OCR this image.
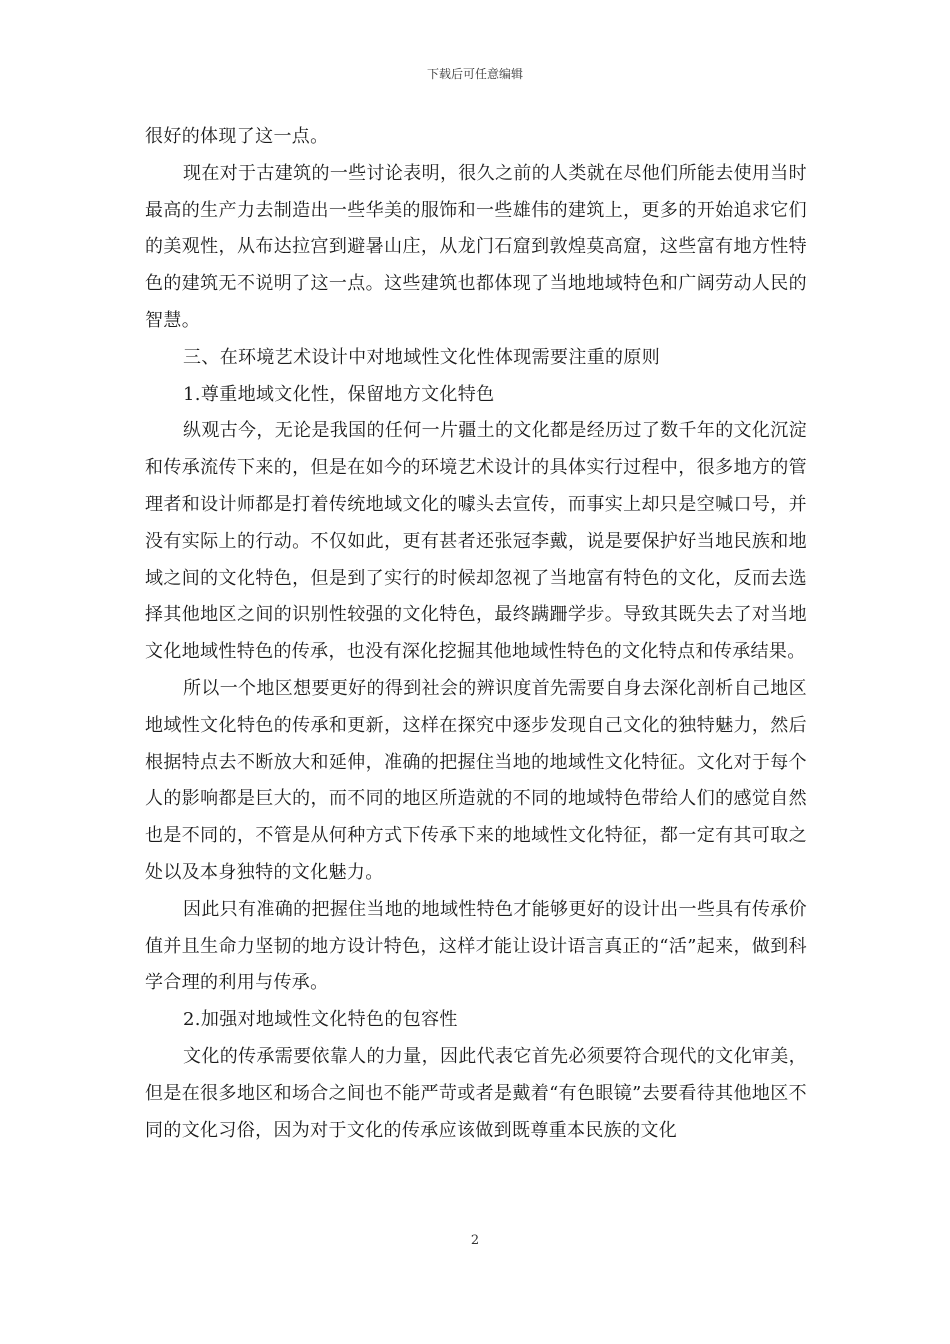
下载后可任意编辑

很好的体现了这一点。

现在对于古建筑的一些讨论表明，很久之前的人类就在尽他们所能去使用当时最高的生产力去制造出一些华美的服饰和一些雄伟的建筑上，更多的开始追求它们的美观性，从布达拉宫到避暑山庄，从龙门石窟到敦煌莫高窟，这些富有地方性特色的建筑无不说明了这一点。这些建筑也都体现了当地地域特色和广阔劳动人民的智慧。

三、在环境艺术设计中对地域性文化性体现需要注重的原则

1.尊重地域文化性，保留地方文化特色

纵观古今，无论是我国的任何一片疆土的文化都是经历过了数千年的文化沉淀和传承流传下来的，但是在如今的环境艺术设计的具体实行过程中，很多地方的管理者和设计师都是打着传统地域文化的噱头去宣传，而事实上却只是空喊口号，并没有实际上的行动。不仅如此，更有甚者还张冠李戴，说是要保护好当地民族和地域之间的文化特色，但是到了实行的时候却忽视了当地富有特色的文化，反而去选择其他地区之间的识别性较强的文化特色，最终蹒跚学步。导致其既失去了对当地文化地域性特色的传承，也没有深化挖掘其他地域性特色的文化特点和传承结果。

所以一个地区想要更好的得到社会的辨识度首先需要自身去深化剖析自己地区地域性文化特色的传承和更新，这样在探究中逐步发现自己文化的独特魅力，然后根据特点去不断放大和延伸，准确的把握住当地的地域性文化特征。文化对于每个人的影响都是巨大的，而不同的地区所造就的不同的地域特色带给人们的感觉自然也是不同的，不管是从何种方式下传承下来的地域性文化特征，都一定有其可取之处以及本身独特的文化魅力。

因此只有准确的把握住当地的地域性特色才能够更好的设计出一些具有传承价值并且生命力坚韧的地方设计特色，这样才能让设计语言真正的“活”起来，做到科学合理的利用与传承。

2.加强对地域性文化特色的包容性

文化的传承需要依靠人的力量，因此代表它首先必须要符合现代的文化审美，但是在很多地区和场合之间也不能严苛或者是戴着“有色眼镜”去要看待其他地区不同的文化习俗，因为对于文化的传承应该做到既尊重本民族的文化

2
